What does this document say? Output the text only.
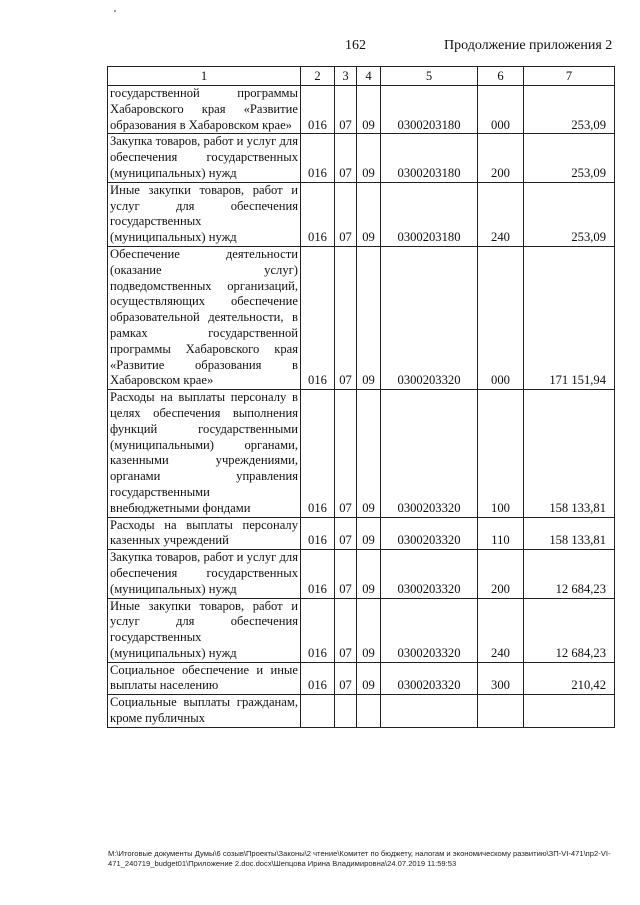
162	Продолжение приложения 2
1	2	3	4	5	6	7
государственной программы Хабаровского края «Развитие образования в Хабаровском крае»	016	07	09	0300203180	000	253,09
Закупка товаров, работ и услуг для обеспечения государственных (муниципальных) нужд	016	07	09	0300203180	200	253,09
Иные закупки товаров, работ и услуг для обеспечения государственных (муниципальных) нужд	016	07	09	0300203180	240	253,09
Обеспечение деятельности (оказание услуг) подведомственных организаций, осуществляющих обеспечение образовательной деятельности, в рамках государственной программы Хабаровского края «Развитие образования в Хабаровском крае»	016	07	09	0300203320	000	171 151,94
Расходы на выплаты персоналу в целях обеспечения выполнения функций государственными (муниципальными) органами, казенными учреждениями, органами управления государственными внебюджетными фондами	016	07	09	0300203320	100	158 133,81
Расходы на выплаты персоналу казенных учреждений	016	07	09	0300203320	110	158 133,81
Закупка товаров, работ и услуг для обеспечения государственных (муниципальных) нужд	016	07	09	0300203320	200	12 684,23
Иные закупки товаров, работ и услуг для обеспечения государственных (муниципальных) нужд	016	07	09	0300203320	240	12 684,23
Социальное обеспечение и иные выплаты населению	016	07	09	0300203320	300	210,42
Социальные выплаты гражданам, кроме публичных						
M:\Итоговые документы Думы\6 созыв\Проекты\Законы\2 чтение\Комитет по бюджету, налогам и экономическому развитию\ЗП-VI-471\пр2-VI-471_240719_budget01\Приложение 2.doc.docx\Шепцова Ирина Владимировна\24.07.2019 11:59:53
